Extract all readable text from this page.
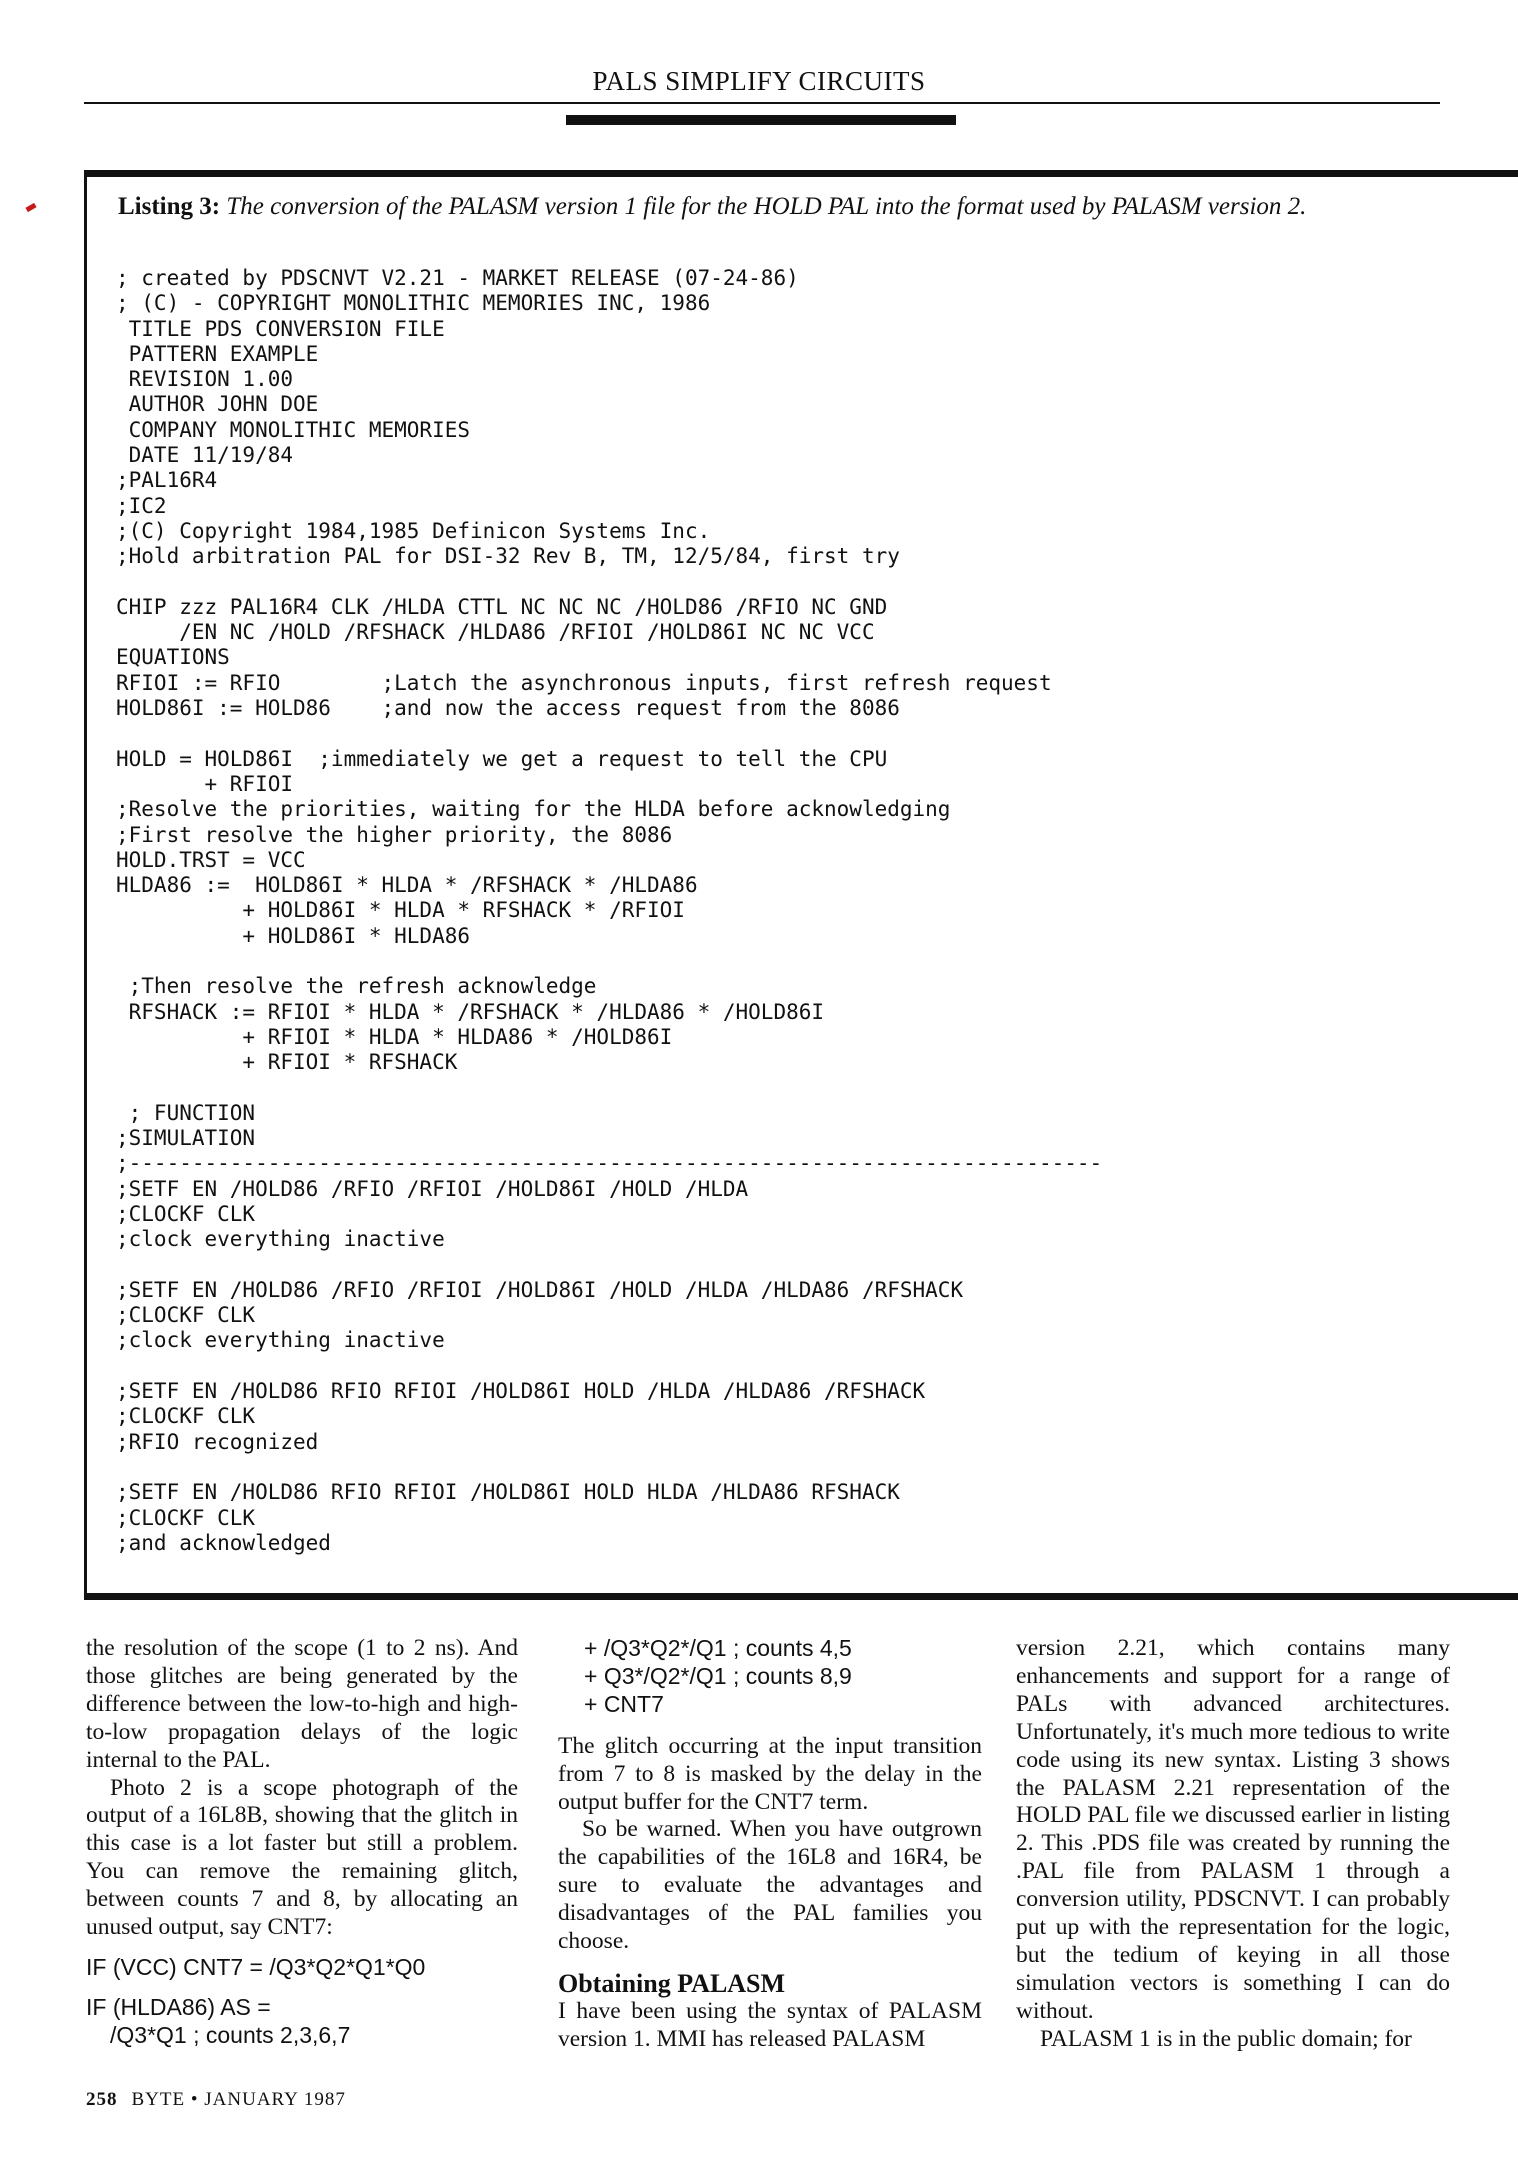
PALS SIMPLIFY CIRCUITS
Listing 3: The conversion of the PALASM version 1 file for the HOLD PAL into the format used by PALASM version 2.
; created by PDSCNVT V2.21 - MARKET RELEASE (07-24-86)
; (C) - COPYRIGHT MONOLITHIC MEMORIES INC, 1986
TITLE PDS CONVERSION FILE
PATTERN EXAMPLE
REVISION 1.00
AUTHOR JOHN DOE
COMPANY MONOLITHIC MEMORIES
DATE 11/19/84
;PAL16R4
;IC2
;(C) Copyright 1984,1985 Definicon Systems Inc.
;Hold arbitration PAL for DSI-32 Rev B, TM, 12/5/84, first try

CHIP zzz PAL16R4 CLK /HLDA CTTL NC NC NC /HOLD86 /RFIO NC GND
/EN NC /HOLD /RFSHACK /HLDA86 /RFIOI /HOLD86I NC NC VCC
EQUATIONS
RFIOI := RFIO        ;Latch the asynchronous inputs, first refresh request
HOLD86I := HOLD86    ;and now the access request from the 8086

HOLD = HOLD86I  ;immediately we get a request to tell the CPU
+ RFIOI
;Resolve the priorities, waiting for the HLDA before acknowledging
;First resolve the higher priority, the 8086
HOLD.TRST = VCC
HLDA86 :=  HOLD86I * HLDA * /RFSHACK * /HLDA86
+ HOLD86I * HLDA * RFSHACK * /RFIOI
+ HOLD86I * HLDA86

;Then resolve the refresh acknowledge
RFSHACK := RFIOI * HLDA * /RFSHACK * /HLDA86 * /HOLD86I
+ RFIOI * HLDA * HLDA86 * /HOLD86I
+ RFIOI * RFSHACK

; FUNCTION
;SIMULATION
;-----------------------------------------------------------------------------
;SETF EN /HOLD86 /RFIO /RFIOI /HOLD86I /HOLD /HLDA
;CLOCKF CLK
;clock everything inactive

;SETF EN /HOLD86 /RFIO /RFIOI /HOLD86I /HOLD /HLDA /HLDA86 /RFSHACK
;CLOCKF CLK
;clock everything inactive

;SETF EN /HOLD86 RFIO RFIOI /HOLD86I HOLD /HLDA /HLDA86 /RFSHACK
;CLOCKF CLK
;RFIO recognized

;SETF EN /HOLD86 RFIO RFIOI /HOLD86I HOLD HLDA /HLDA86 RFSHACK
;CLOCKF CLK
;and acknowledged

the resolution of the scope (1 to 2 ns). And those glitches are being generated by the difference between the low-to-high and high-to-low propagation delays of the logic internal to the PAL.

Photo 2 is a scope photograph of the output of a 16L8B, showing that the glitch in this case is a lot faster but still a problem. You can remove the remaining glitch, between counts 7 and 8, by allocating an unused output, say CNT7:

IF (VCC) CNT7 = /Q3*Q2*Q1*Q0

IF (HLDA86) AS =

/Q3*Q1 ; counts 2,3,6,7

+ /Q3*Q2*/Q1 ; counts 4,5

+ Q3*/Q2*/Q1 ; counts 8,9

+ CNT7

The glitch occurring at the input transition from 7 to 8 is masked by the delay in the output buffer for the CNT7 term.

So be warned. When you have outgrown the capabilities of the 16L8 and 16R4, be sure to evaluate the advantages and disadvantages of the PAL families you choose.

Obtaining PALASM

I have been using the syntax of PALASM version 1. MMI has released PALASM

version 2.21, which contains many enhancements and support for a range of PALs with advanced architectures. Unfortunately, it's much more tedious to write code using its new syntax. Listing 3 shows the PALASM 2.21 representation of the HOLD PAL file we discussed earlier in listing 2. This .PDS file was created by running the .PAL file from PALASM 1 through a conversion utility, PDSCNVT. I can probably put up with the representation for the logic, but the tedium of keying in all those simulation vectors is something I can do without.

PALASM 1 is in the public domain; for

258 BYTE • JANUARY 1987
